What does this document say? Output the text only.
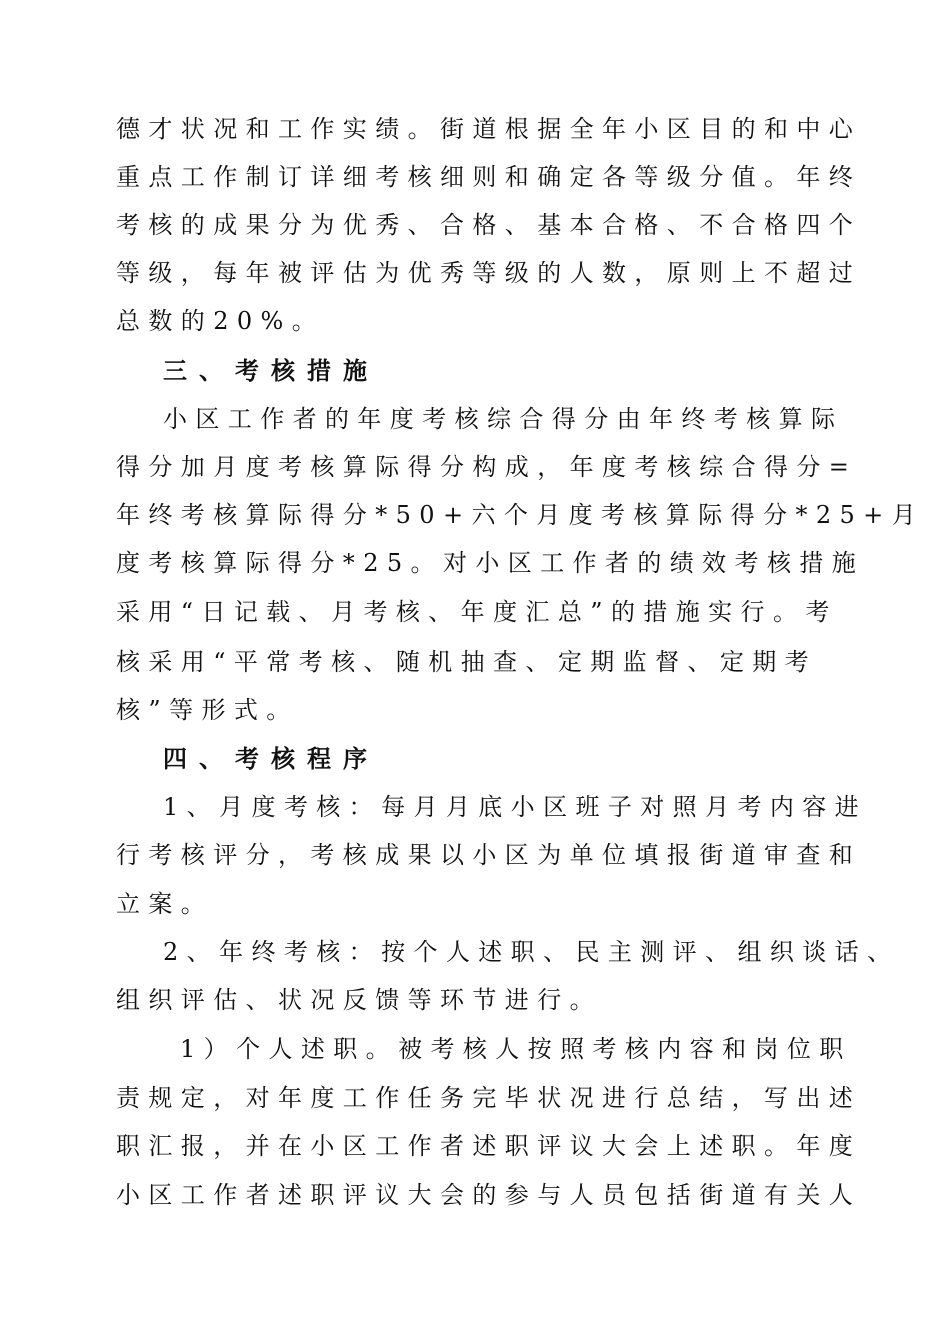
德才状况和工作实绩。街道根据全年小区目的和中心
重点工作制订详细考核细则和确定各等级分值。年终
考核的成果分为优秀、合格、基本合格、不合格四个
等级，每年被评估为优秀等级的人数，原则上不超过
总数的20%。
三、考核措施
小区工作者的年度考核综合得分由年终考核算际
得分加月度考核算际得分构成，年度考核综合得分=
年终考核算际得分*50+六个月度考核算际得分*25+月
度考核算际得分*25。对小区工作者的绩效考核措施
采用“日记载、月考核、年度汇总”的措施实行。考
核采用“平常考核、随机抽查、定期监督、定期考
核”等形式。
四、考核程序
1、月度考核：每月月底小区班子对照月考内容进
行考核评分，考核成果以小区为单位填报街道审查和
立案。
2、年终考核：按个人述职、民主测评、组织谈话、
组织评估、状况反馈等环节进行。
1）个人述职。被考核人按照考核内容和岗位职
责规定，对年度工作任务完毕状况进行总结，写出述
职汇报，并在小区工作者述职评议大会上述职。年度
小区工作者述职评议大会的参与人员包括街道有关人
